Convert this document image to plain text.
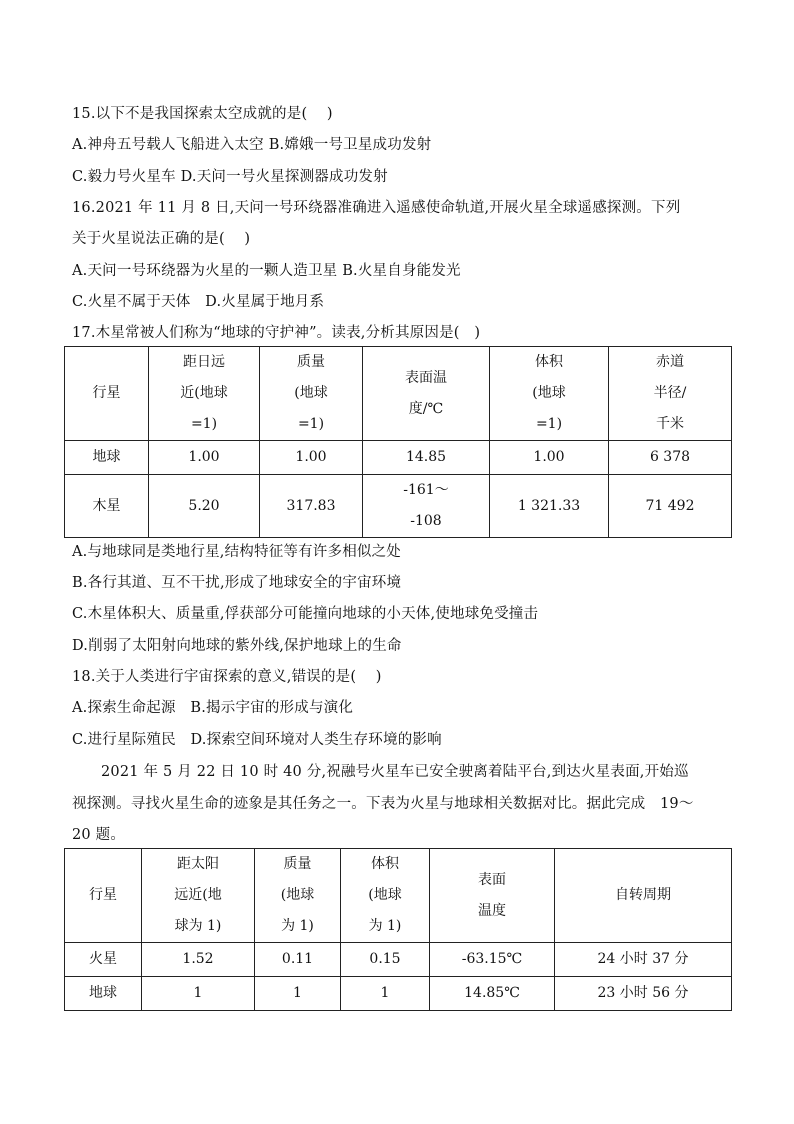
15.以下不是我国探索太空成就的是(　 )
A.神舟五号载人飞船进入太空 B.嫦娥一号卫星成功发射
C.毅力号火星车 D.天问一号火星探测器成功发射
16.2021 年 11 月 8 日,天问一号环绕器准确进入遥感使命轨道,开展火星全球遥感探测。下列
关于火星说法正确的是(　 )
A.天问一号环绕器为火星的一颗人造卫星 B.火星自身能发光
C.火星不属于天体　D.火星属于地月系
17.木星常被人们称为“地球的守护神”。读表,分析其原因是(　)
行星	距日远
近(地球
=1)	质量
(地球
=1)	表面温
度/℃	体积
(地球
=1)	赤道
半径/
千米

地球	1.00	1.00	14.85	1.00	6 378
木星	5.20	317.83	-161～
-108	1 321.33	71 492
A.与地球同是类地行星,结构特征等有许多相似之处
B.各行其道、互不干扰,形成了地球安全的宇宙环境
C.木星体积大、质量重,俘获部分可能撞向地球的小天体,使地球免受撞击
D.削弱了太阳射向地球的紫外线,保护地球上的生命
18.关于人类进行宇宙探索的意义,错误的是(　 )
A.探索生命起源　B.揭示宇宙的形成与演化
C.进行星际殖民　D.探索空间环境对人类生存环境的影响
2021 年 5 月 22 日 10 时 40 分,祝融号火星车已安全驶离着陆平台,到达火星表面,开始巡
视探测。寻找火星生命的迹象是其任务之一。下表为火星与地球相关数据对比。据此完成　19～
20 题。
行星	距太阳
远近(地
球为 1)	质量
(地球
为 1)	体积
(地球
为 1)	表面
温度	自转周期

火星	1.52	0.11	0.15	-63.15℃	24 小时 37 分
地球	1	1	1	14.85℃	23 小时 56 分
